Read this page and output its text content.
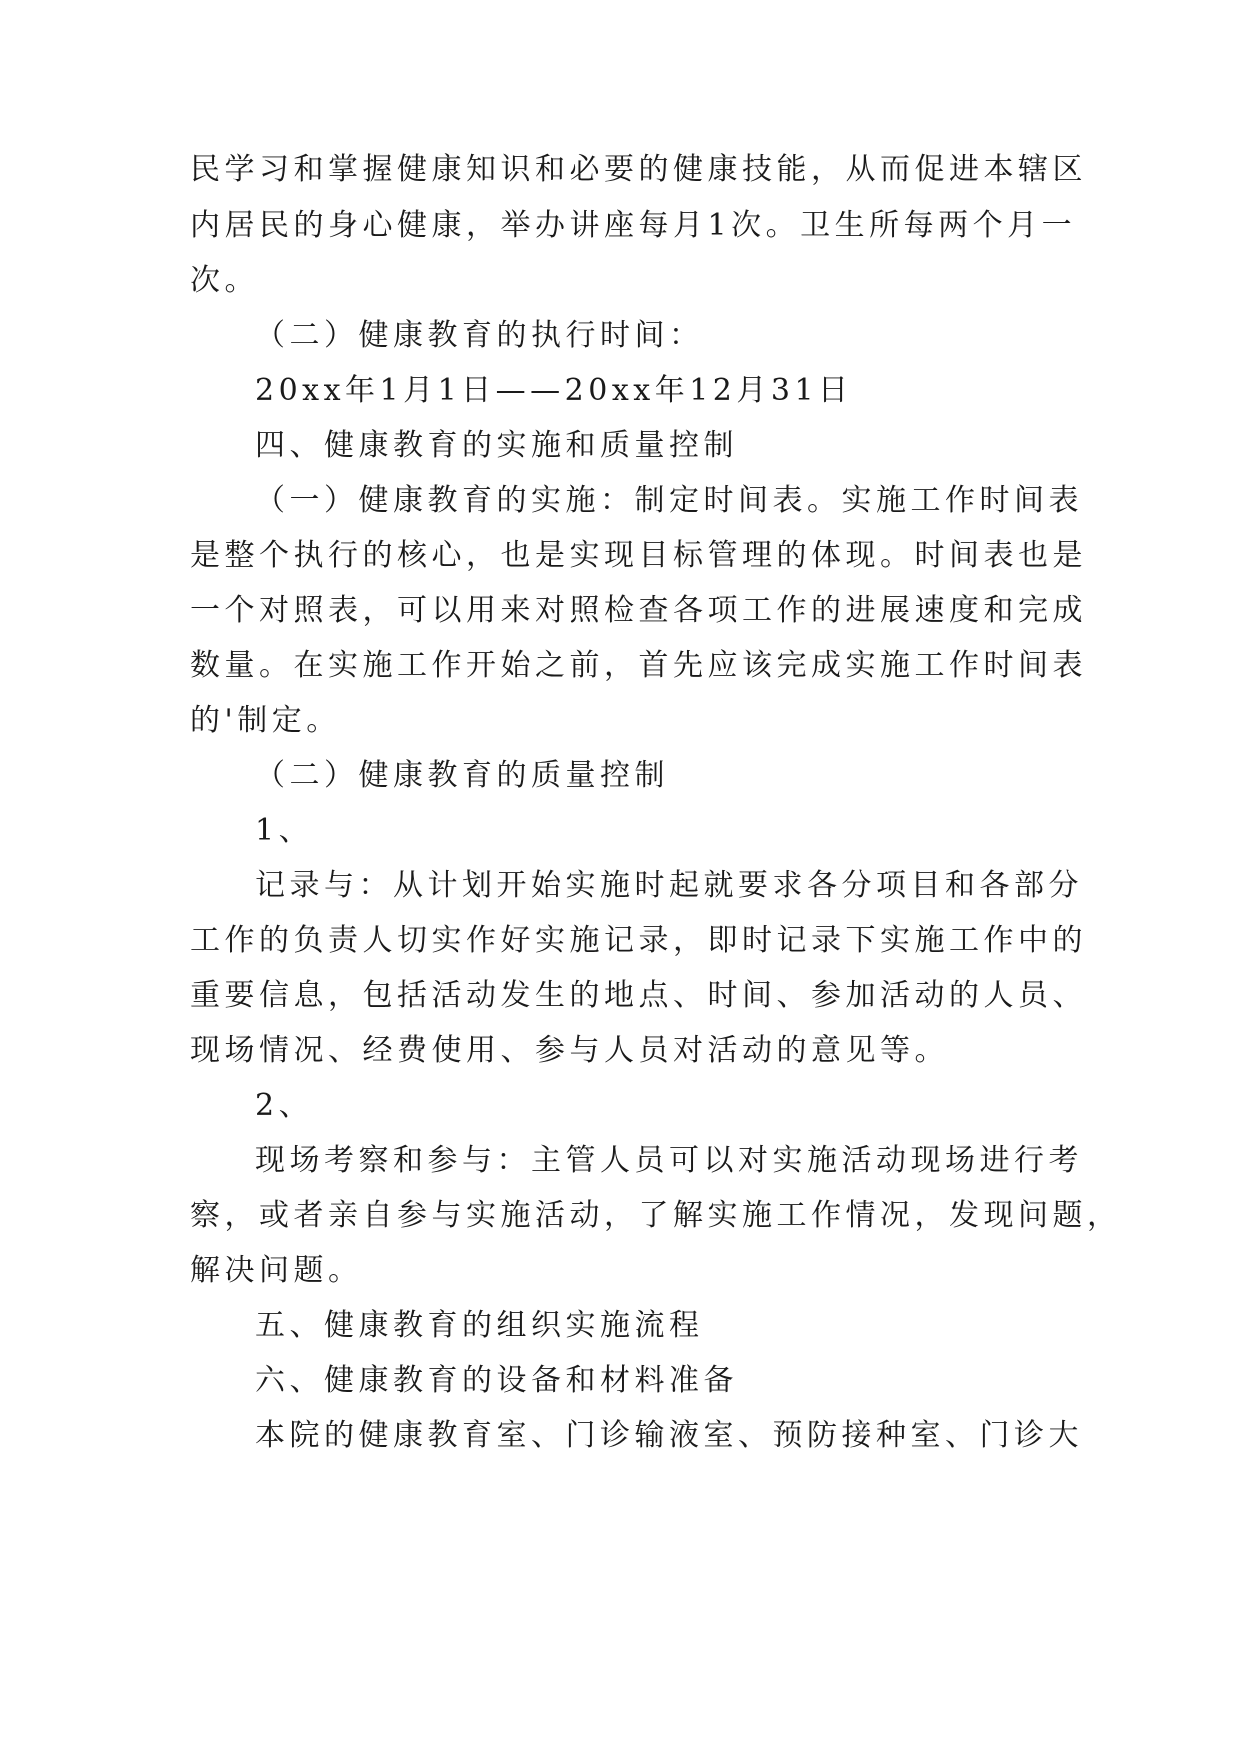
民学习和掌握健康知识和必要的健康技能，从而促进本辖区
内居民的身心健康，举办讲座每月1次。卫生所每两个月一
次。
（二）健康教育的执行时间：
20xx年1月1日——20xx年12月31日
四、健康教育的实施和质量控制
（一）健康教育的实施：制定时间表。实施工作时间表
是整个执行的核心，也是实现目标管理的体现。时间表也是
一个对照表，可以用来对照检查各项工作的进展速度和完成
数量。在实施工作开始之前，首先应该完成实施工作时间表
的'制定。
（二）健康教育的质量控制
1、
记录与：从计划开始实施时起就要求各分项目和各部分
工作的负责人切实作好实施记录，即时记录下实施工作中的
重要信息，包括活动发生的地点、时间、参加活动的人员、
现场情况、经费使用、参与人员对活动的意见等。
2、
现场考察和参与：主管人员可以对实施活动现场进行考
察，或者亲自参与实施活动，了解实施工作情况，发现问题，
解决问题。
五、健康教育的组织实施流程
六、健康教育的设备和材料准备
本院的健康教育室、门诊输液室、预防接种室、门诊大
